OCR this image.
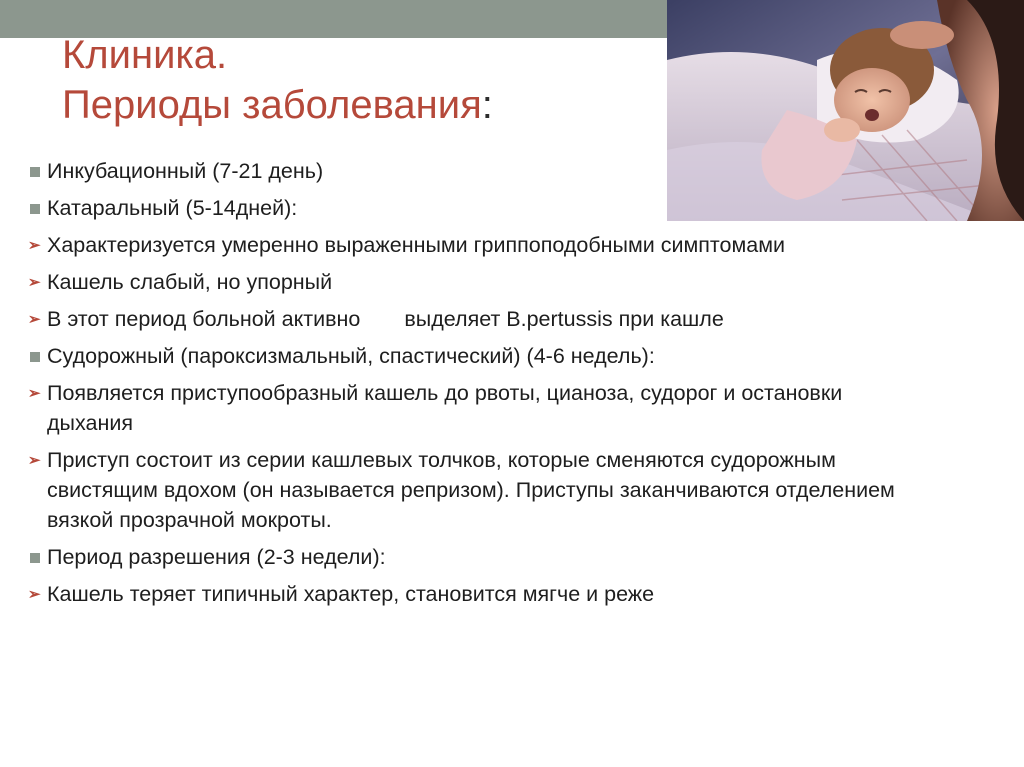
Клиника.
Периоды заболевания:
Инкубационный (7-21 день)
Катаральный (5-14дней):
➢ Характеризуется умеренно выраженными гриппоподобными симптомами
➢ Кашель слабый, но упорный
➢ В этот период больной активно выделяет B.pertussis при кашле
Судорожный (пароксизмальный, спастический) (4-6 недель):
➢ Появляется приступообразный кашель до рвоты, цианоза, судорог и остановки дыхания
➢ Приступ состоит из серии кашлевых толчков, которые сменяются судорожным свистящим вдохом (он называется репризом). Приступы заканчиваются отделением вязкой прозрачной мокроты.
Период разрешения (2-3 недели):
➢ Кашель теряет типичный характер, становится мягче и реже
